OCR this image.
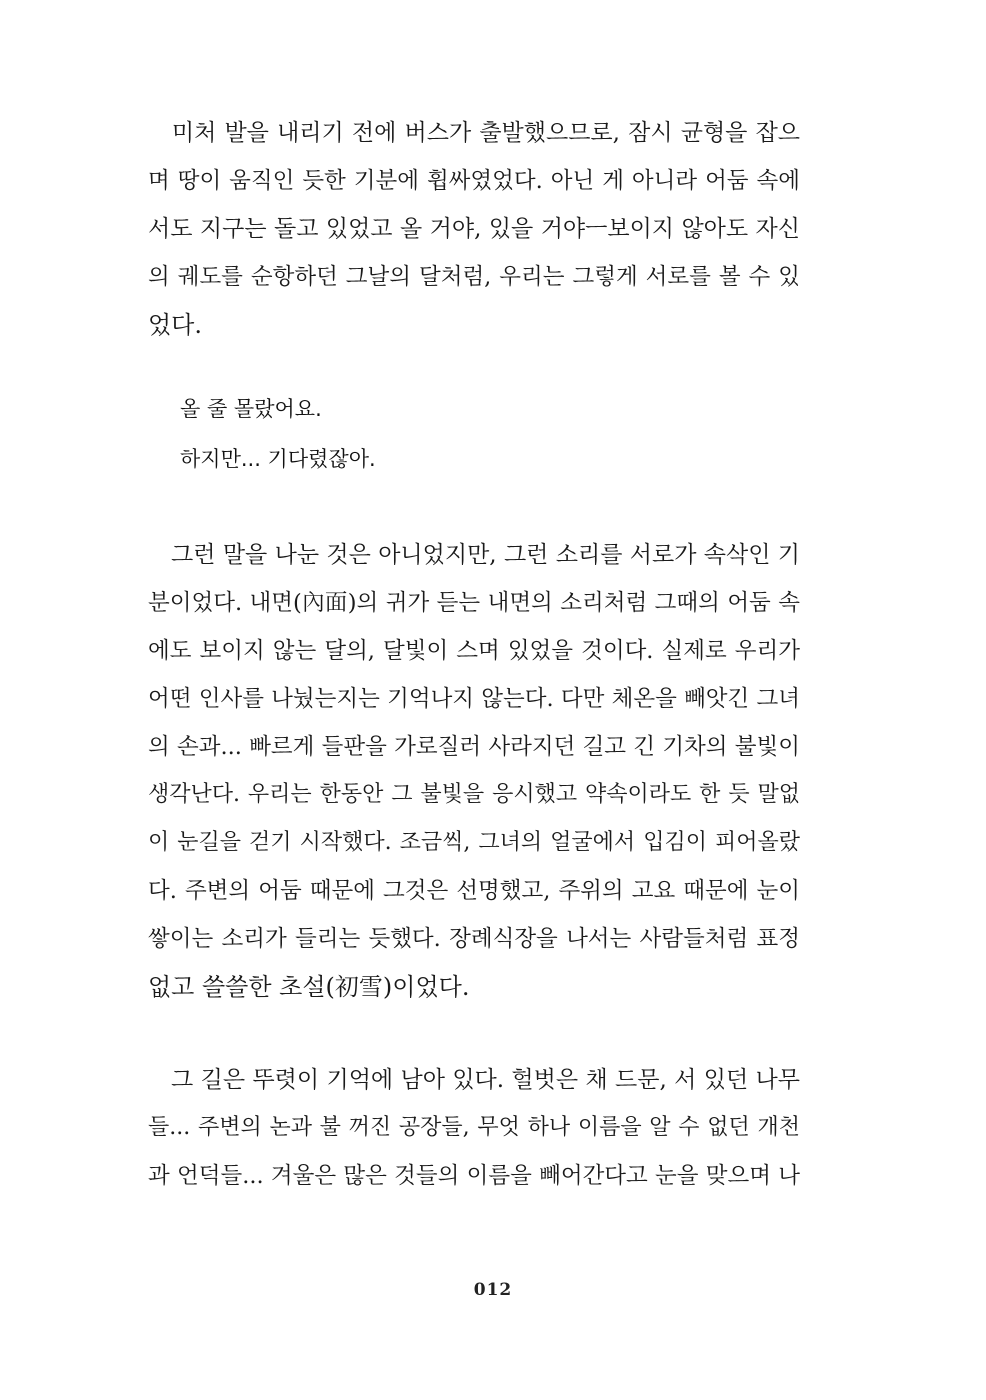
　미처 발을 내리기 전에 버스가 출발했으므로, 잠시 균형을 잡으
며 땅이 움직인 듯한 기분에 휩싸였었다. 아닌 게 아니라 어둠 속에
서도 지구는 돌고 있었고 올 거야, 있을 거야ㅡ보이지 않아도 자신
의 궤도를 순항하던 그날의 달처럼, 우리는 그렇게 서로를 볼 수 있
었다.
올 줄 몰랐어요.
하지만... 기다렸잖아.
　그런 말을 나눈 것은 아니었지만, 그런 소리를 서로가 속삭인 기
분이었다. 내면(內面)의 귀가 듣는 내면의 소리처럼 그때의 어둠 속
에도 보이지 않는 달의, 달빛이 스며 있었을 것이다. 실제로 우리가
어떤 인사를 나눴는지는 기억나지 않는다. 다만 체온을 빼앗긴 그녀
의 손과... 빠르게 들판을 가로질러 사라지던 길고 긴 기차의 불빛이
생각난다. 우리는 한동안 그 불빛을 응시했고 약속이라도 한 듯 말없
이 눈길을 걷기 시작했다. 조금씩, 그녀의 얼굴에서 입김이 피어올랐
다. 주변의 어둠 때문에 그것은 선명했고, 주위의 고요 때문에 눈이
쌓이는 소리가 들리는 듯했다. 장례식장을 나서는 사람들처럼 표정
없고 쓸쓸한 초설(初雪)이었다.
　그 길은 뚜렷이 기억에 남아 있다. 헐벗은 채 드문, 서 있던 나무
들... 주변의 논과 불 꺼진 공장들, 무엇 하나 이름을 알 수 없던 개천
과 언덕들... 겨울은 많은 것들의 이름을 빼어간다고 눈을 맞으며 나
012
